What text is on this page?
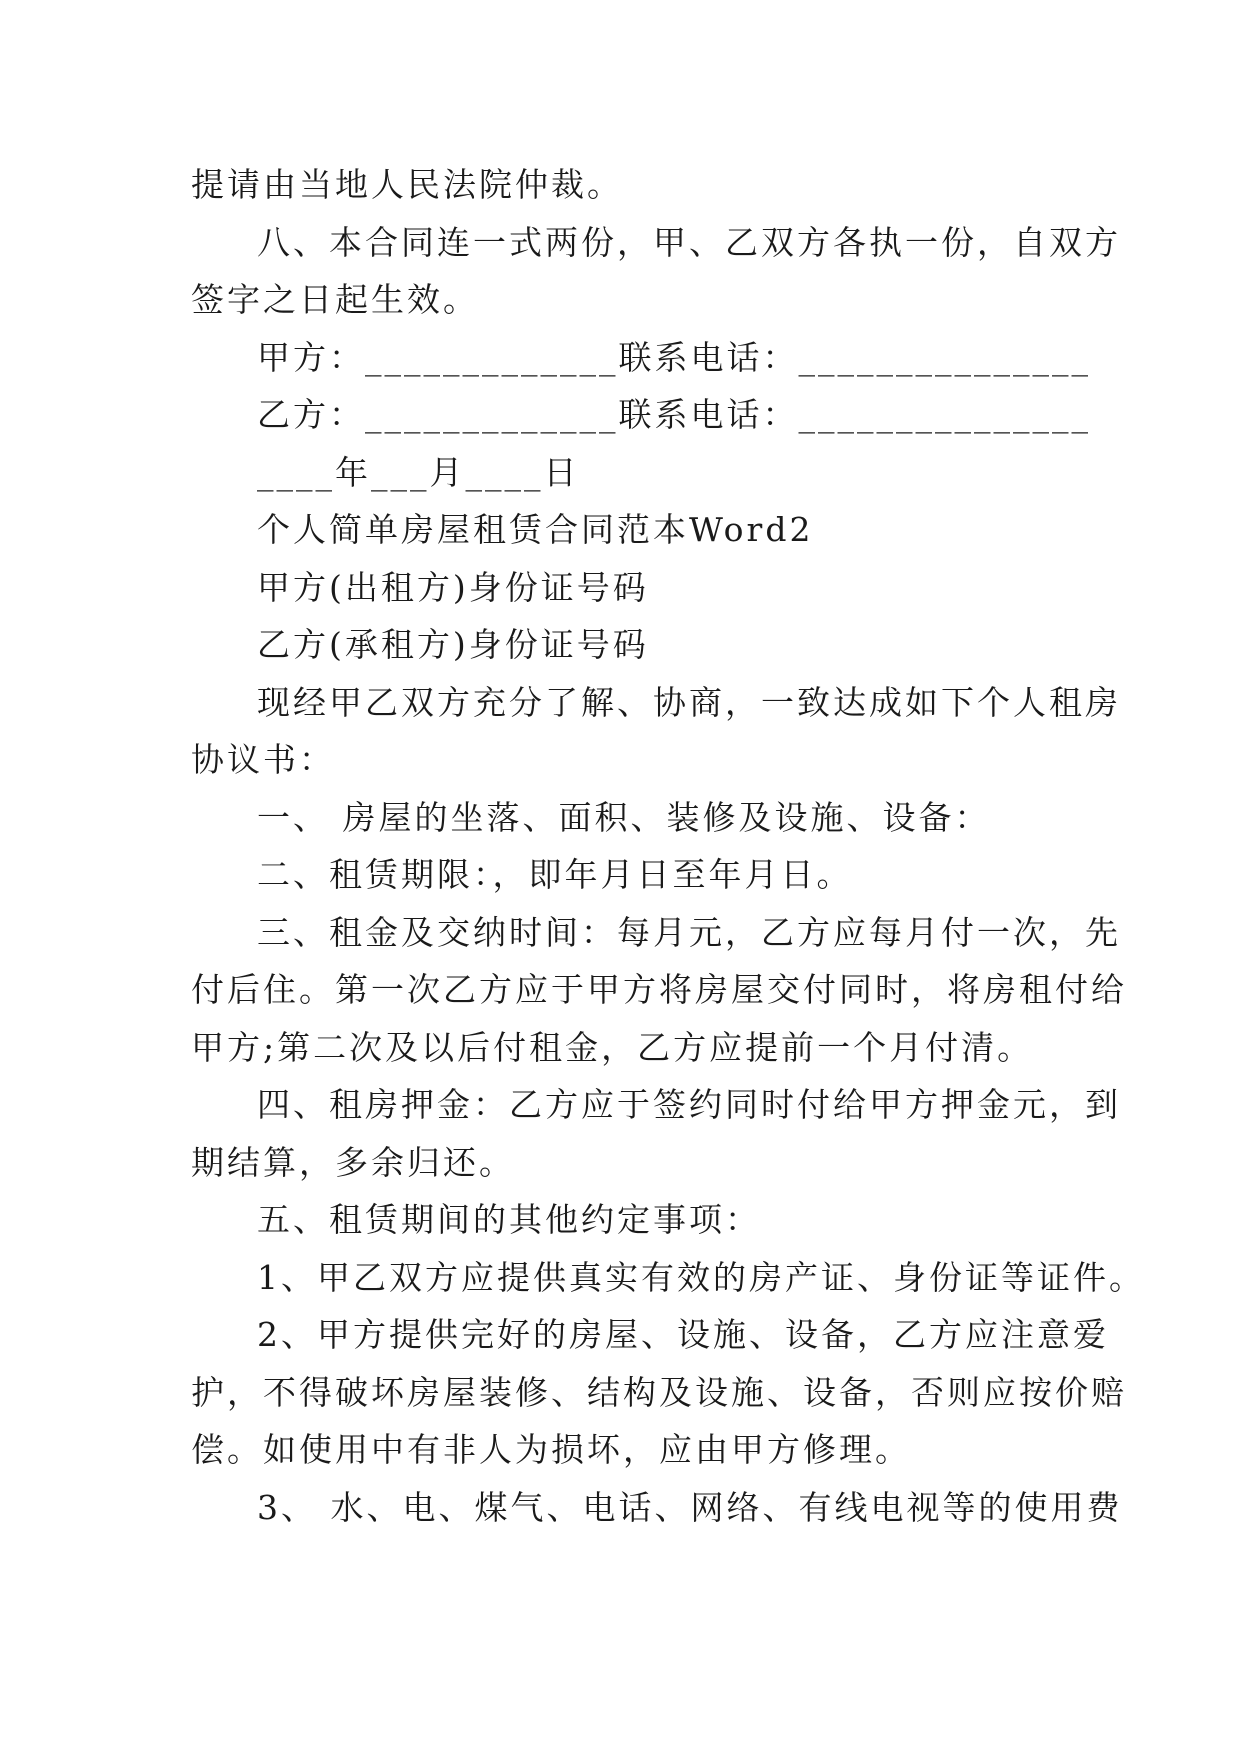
提请由当地人民法院仲裁。

八、本合同连一式两份，甲、乙双方各执一份，自双方

签字之日起生效。

甲方：_____________联系电话：_______________

乙方：_____________联系电话：_______________

____年___月____日

个人简单房屋租赁合同范本Word2

甲方(出租方)身份证号码

乙方(承租方)身份证号码

现经甲乙双方充分了解、协商，一致达成如下个人租房

协议书：

一、 房屋的坐落、面积、装修及设施、设备：

二、租赁期限：，即年月日至年月日。

三、租金及交纳时间：每月元，乙方应每月付一次，先

付后住。第一次乙方应于甲方将房屋交付同时，将房租付给

甲方;第二次及以后付租金，乙方应提前一个月付清。

四、租房押金：乙方应于签约同时付给甲方押金元，到

期结算，多余归还。

五、租赁期间的其他约定事项：

1、甲乙双方应提供真实有效的房产证、身份证等证件。

2、甲方提供完好的房屋、设施、设备，乙方应注意爱

护，不得破坏房屋装修、结构及设施、设备，否则应按价赔

偿。如使用中有非人为损坏，应由甲方修理。

3、 水、电、煤气、电话、网络、有线电视等的使用费
